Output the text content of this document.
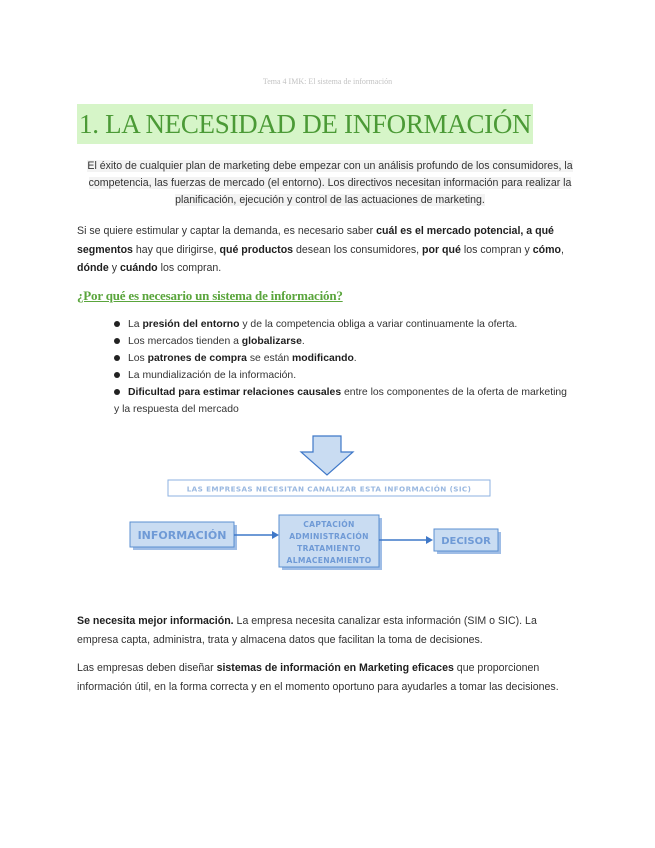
Tema 4 IMK: El sistema de información
1. LA NECESIDAD DE INFORMACIÓN
El éxito de cualquier plan de marketing debe empezar con un análisis profundo de los consumidores, la
competencia, las fuerzas de mercado (el entorno). Los directivos necesitan información para realizar la
planificación, ejecución y control de las actuaciones de marketing.

Si se quiere estimular y captar la demanda, es necesario saber cuál es el mercado potencial, a qué segmentos hay que dirigirse, qué productos desean los consumidores, por qué los compran y cómo, dónde y cuándo los compran.

¿Por qué es necesario un sistema de información?
La presión del entorno y de la competencia obliga a variar continuamente la oferta.
Los mercados tienden a globalizarse.
Los patrones de compra se están modificando.
La mundialización de la información.
Dificultad para estimar relaciones causales entre los componentes de la oferta de marketing
y la respuesta del mercado
LAS EMPRESAS NECESITAN CANALIZAR ESTA INFORMACIÓN (SIC)
INFORMACIÓN
CAPTACIÓN
ADMINISTRACIÓN
TRATAMIENTO
ALMACENAMIENTO
DECISOR

Se necesita mejor información. La empresa necesita canalizar esta información (SIM o SIC). La empresa capta, administra, trata y almacena datos que facilitan la toma de decisiones.

Las empresas deben diseñar sistemas de información en Marketing eficaces que proporcionen información útil, en la forma correcta y en el momento oportuno para ayudarles a tomar las decisiones.
